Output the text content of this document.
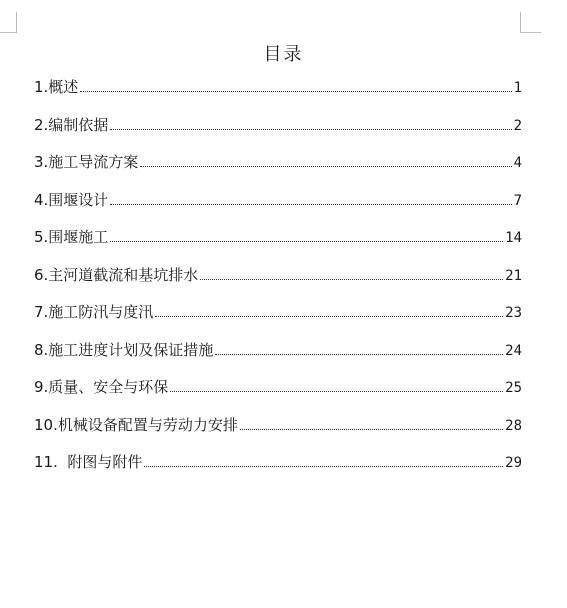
目录
1.概述	1
2.编制依据	2
3.施工导流方案	4
4.围堰设计	7
5.围堰施工	14
6.主河道截流和基坑排水	21
7.施工防汛与度汛	23
8.施工进度计划及保证措施	24
9.质量、安全与环保	25
10.机械设备配置与劳动力安排	28
11.  附图与附件	29
